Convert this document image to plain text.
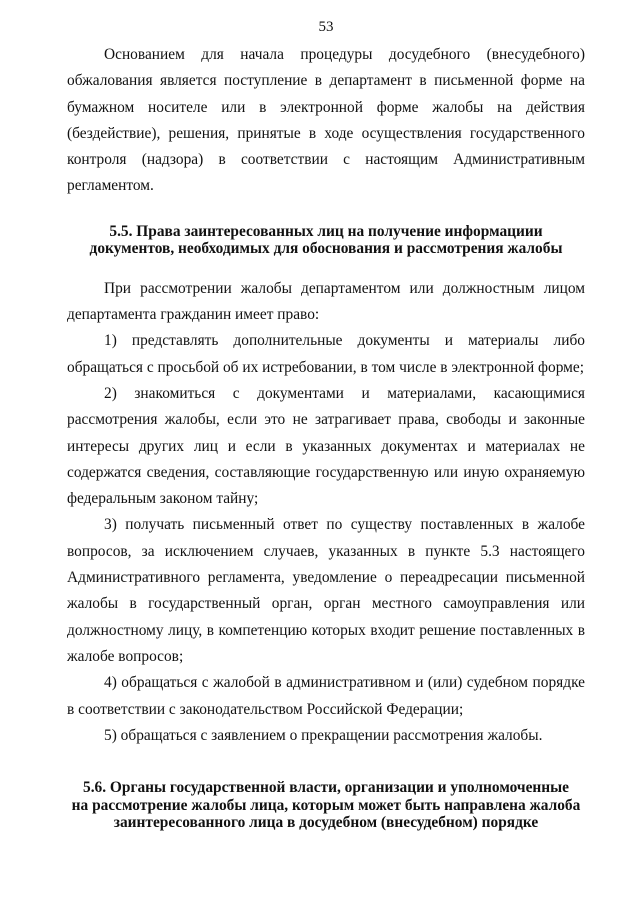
53

Основанием для начала процедуры досудебного (внесудебного) обжалования является поступление в департамент в письменной форме на бумажном носителе или в электронной форме жалобы на действия (бездействие), решения, принятые в ходе осуществления государственного контроля (надзора) в соответствии с настоящим Административным регламентом.

5.5. Права заинтересованных лиц на получение информациии
документов, необходимых для обоснования и рассмотрения жалобы

При рассмотрении жалобы департаментом или должностным лицом департамента гражданин имеет право:

1) представлять дополнительные документы и материалы либо обращаться с просьбой об их истребовании, в том числе в электронной форме;

2) знакомиться с документами и материалами, касающимися рассмотрения жалобы, если это не затрагивает права, свободы и законные интересы других лиц и если в указанных документах и материалах не содержатся сведения, составляющие государственную или иную охраняемую федеральным законом тайну;

3) получать письменный ответ по существу поставленных в жалобе вопросов, за исключением случаев, указанных в пункте 5.3 настоящего Административного регламента, уведомление о переадресации письменной жалобы в государственный орган, орган местного самоуправления или должностному лицу, в компетенцию которых входит решение поставленных в жалобе вопросов;

4) обращаться с жалобой в административном и (или) судебном порядке в соответствии с законодательством Российской Федерации;

5) обращаться с заявлением о прекращении рассмотрения жалобы.

5.6. Органы государственной власти, организации и уполномоченные
на рассмотрение жалобы лица, которым может быть направлена жалоба
заинтересованного лица в досудебном (внесудебном) порядке
